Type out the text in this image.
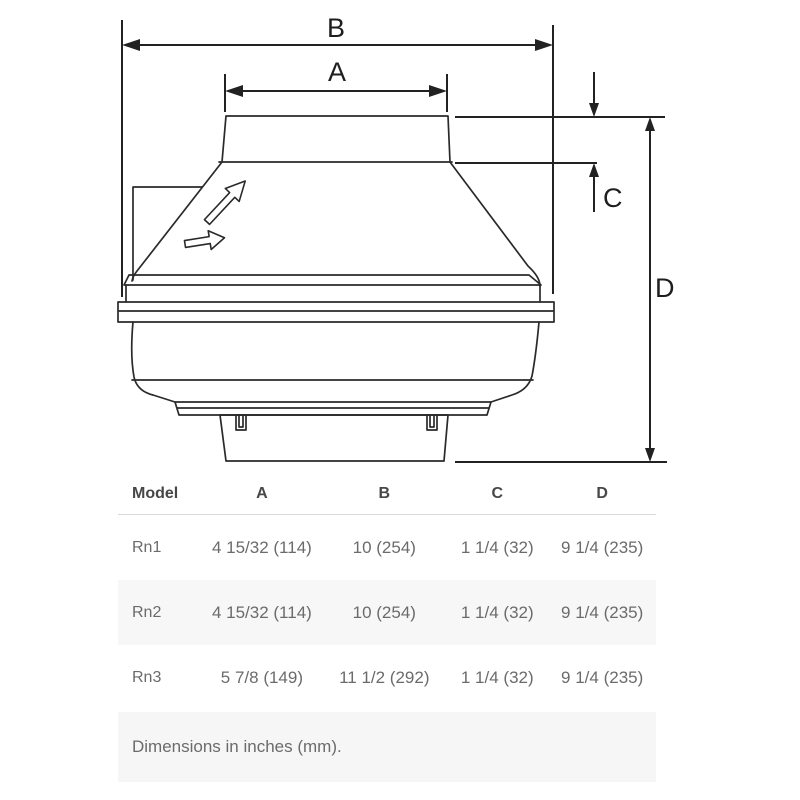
B
A
C
D
Model	A	B	C	D
Rn1	4 15/32 (114)	10 (254)	1 1/4 (32)	9 1/4 (235)
Rn2	4 15/32 (114)	10 (254)	1 1/4 (32)	9 1/4 (235)
Rn3	5 7/8 (149)	11 1/2 (292)	1 1/4 (32)	9 1/4 (235)
Dimensions in inches (mm).
